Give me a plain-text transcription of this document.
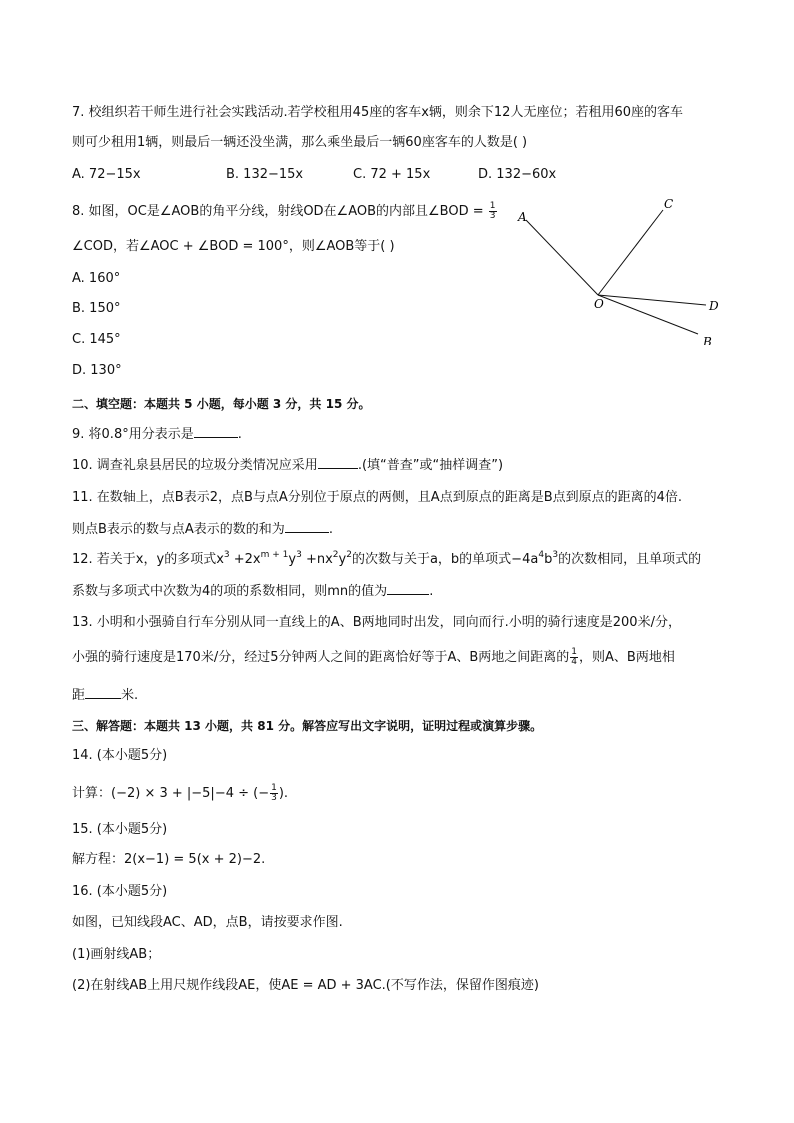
7. 校组织若干师生进行社会实践活动.若学校租用45座的客车x辆，则余下12人无座位；若租用60座的客车
则可少租用1辆，则最后一辆还没坐满，那么乘坐最后一辆60座客车的人数是( )
A. 72−15x	B. 132−15x	C. 72 + 15x	D. 132−60x
8. 如图，OC是∠AOB的角平分线，射线OD在∠AOB的内部且∠BOD = $\frac{1}{3}$
∠COD，若∠AOC + ∠BOD = 100°，则∠AOB等于( )
A. 160°
B. 150°
C. 145°
D. 130°
A
C
O	D
B
二、填空题：本题共 5 小题，每小题 3 分，共 15 分。
9. 将0.8°用分表示是	.
10. 调查礼泉县居民的垃圾分类情况应采用	.(填“普查”或“抽样调查”)
11. 在数轴上，点B表示2，点B与点A分别位于原点的两侧，且A点到原点的距离是B点到原点的距离的4倍.
则点B表示的数与点A表示的数的和为	.
12. 若关于x，y的多项式$x^3 +2x^{m + 1}y^3 +nx^2y^2$的次数与关于a，b的单项式$-4a^4b^3$的次数相同，且单项式的
系数与多项式中次数为4的项的系数相同，则mn的值为	.
13. 小明和小强骑自行车分别从同一直线上的A、B两地同时出发，同向而行.小明的骑行速度是200米/分，
小强的骑行速度是170米/分，经过5分钟两人之间的距离恰好等于A、B两地之间距离的 $\frac{1}{4}$ ，则A、B两地相
距	米.
三、解答题：本题共 13 小题，共 81 分。解答应写出文字说明，证明过程或演算步骤。
14. (本小题5分)
计算：(−2) × 3 + |−5|−4 ÷ (− $\frac{1}{3}$ ).
15. (本小题5分)
解方程：2(x−1) = 5(x + 2)−2.
16. (本小题5分)
如图，已知线段AC、AD，点B，请按要求作图.
(1)画射线AB；
(2)在射线AB上用尺规作线段AE，使AE = AD + 3AC.(不写作法，保留作图痕迹)
